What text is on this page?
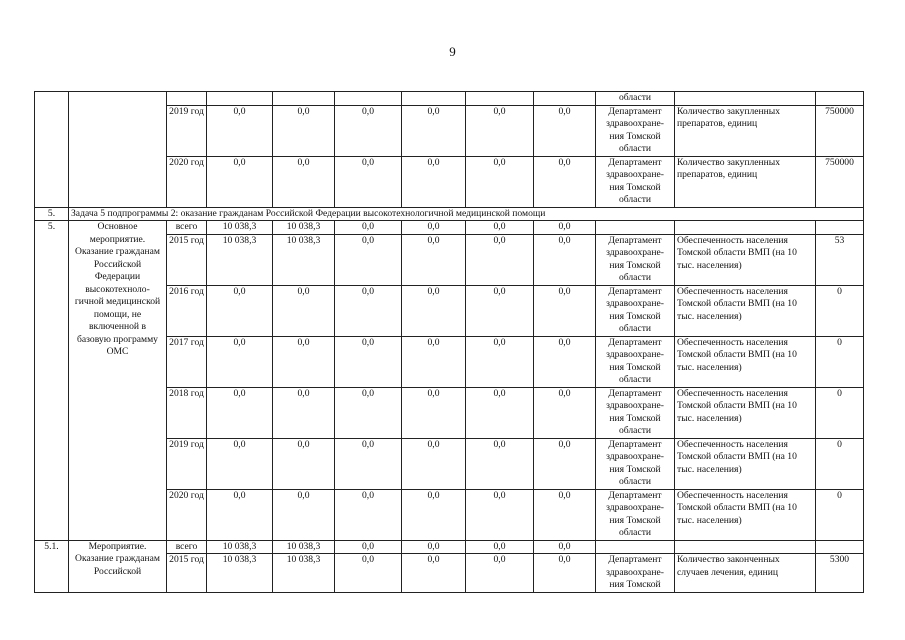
9
									области		
		2019 год	0,0	0,0	0,0	0,0	0,0	0,0	Департамент здравоохране- ния Томской области	Количество закупленных препаратов, единиц	750000
		2020 год	0,0	0,0	0,0	0,0	0,0	0,0	Департамент здравоохране- ния Томской области	Количество закупленных препаратов, единиц	750000
5.	Задача 5 подпрограммы 2: оказание гражданам Российской Федерации высокотехнологичной медицинской помощи										
5.	Основное мероприятие. Оказание гражданам Российской Федерации высокотехноло- гичной медицинской помощи, не включенной в базовую программу ОМС	всего	10 038,3	10 038,3	0,0	0,0	0,0	0,0			
		2015 год	10 038,3	10 038,3	0,0	0,0	0,0	0,0	Департамент здравоохране- ния Томской области	Обеспеченность населения Томской области ВМП (на 10 тыс. населения)	53
		2016 год	0,0	0,0	0,0	0,0	0,0	0,0	Департамент здравоохране- ния Томской области	Обеспеченность населения Томской области ВМП (на 10 тыс. населения)	0
		2017 год	0,0	0,0	0,0	0,0	0,0	0,0	Департамент здравоохране- ния Томской области	Обеспеченность населения Томской области ВМП (на 10 тыс. населения)	0
		2018 год	0,0	0,0	0,0	0,0	0,0	0,0	Департамент здравоохране- ния Томской области	Обеспеченность населения Томской области ВМП (на 10 тыс. населения)	0
		2019 год	0,0	0,0	0,0	0,0	0,0	0,0	Департамент здравоохране- ния Томской области	Обеспеченность населения Томской области ВМП (на 10 тыс. населения)	0
		2020 год	0,0	0,0	0,0	0,0	0,0	0,0	Департамент здравоохране- ния Томской области	Обеспеченность населения Томской области ВМП (на 10 тыс. населения)	0
5.1.	Мероприятие. Оказание гражданам Российской	всего	10 038,3	10 038,3	0,0	0,0	0,0	0,0			
		2015 год	10 038,3	10 038,3	0,0	0,0	0,0	0,0	Департамент здравоохране- ния Томской	Количество законченных случаев лечения, единиц	5300
